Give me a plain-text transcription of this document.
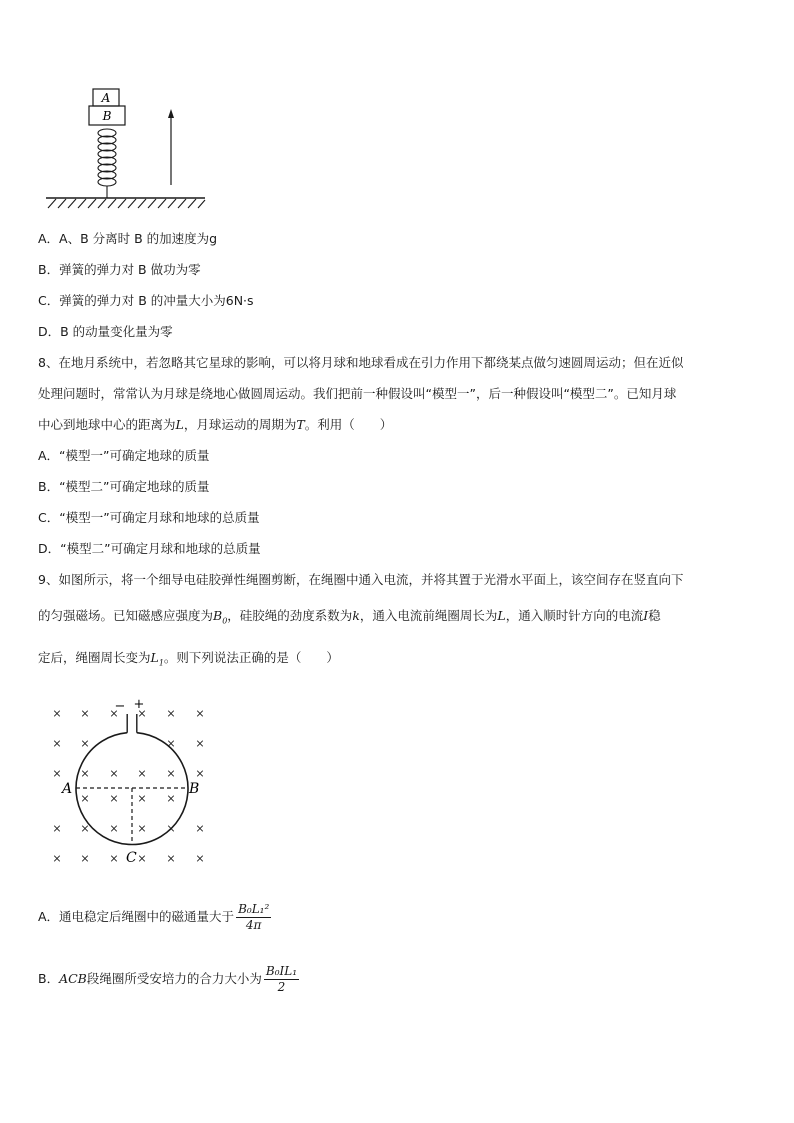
A
B
A．A、B 分离时 B 的加速度为g
B．弹簧的弹力对 B 做功为零
C．弹簧的弹力对 B 的冲量大小为6N·s
D．B 的动量变化量为零
8、在地月系统中，若忽略其它星球的影响，可以将月球和地球看成在引力作用下都绕某点做匀速圆周运动；但在近似
处理问题时，常常认为月球是绕地心做圆周运动。我们把前一种假设叫“模型一”，后一种假设叫“模型二”。已知月球
中心到地球中心的距离为L，月球运动的周期为T。利用（　　）
A．“模型一”可确定地球的质量
B．“模型二”可确定地球的质量
C．“模型一”可确定月球和地球的总质量
D．“模型二”可确定月球和地球的总质量
9、如图所示，将一个细导电硅胶弹性绳圈剪断，在绳圈中通入电流，并将其置于光滑水平面上，该空间存在竖直向下
的匀强磁场。已知磁感应强度为$B_0$，硅胶绳的劲度系数为k，通入电流前绳圈周长为L，通入顺时针方向的电流I稳
定后，绳圈周长变为$L_1$。则下列说法正确的是（　　）
× × × × × ×
× ×	× ×
× × × × × ×
× × × ×
× × × × × ×
× × × × × ×
− +
A	B
C
A．通电稳定后绳圈中的磁通量大于 $\frac{\text{B₀L₁²}}{4\pi}$
B．ACB段绳圈所受安培力的合力大小为 $\frac{\text{B₀IL₁}}{2}$
